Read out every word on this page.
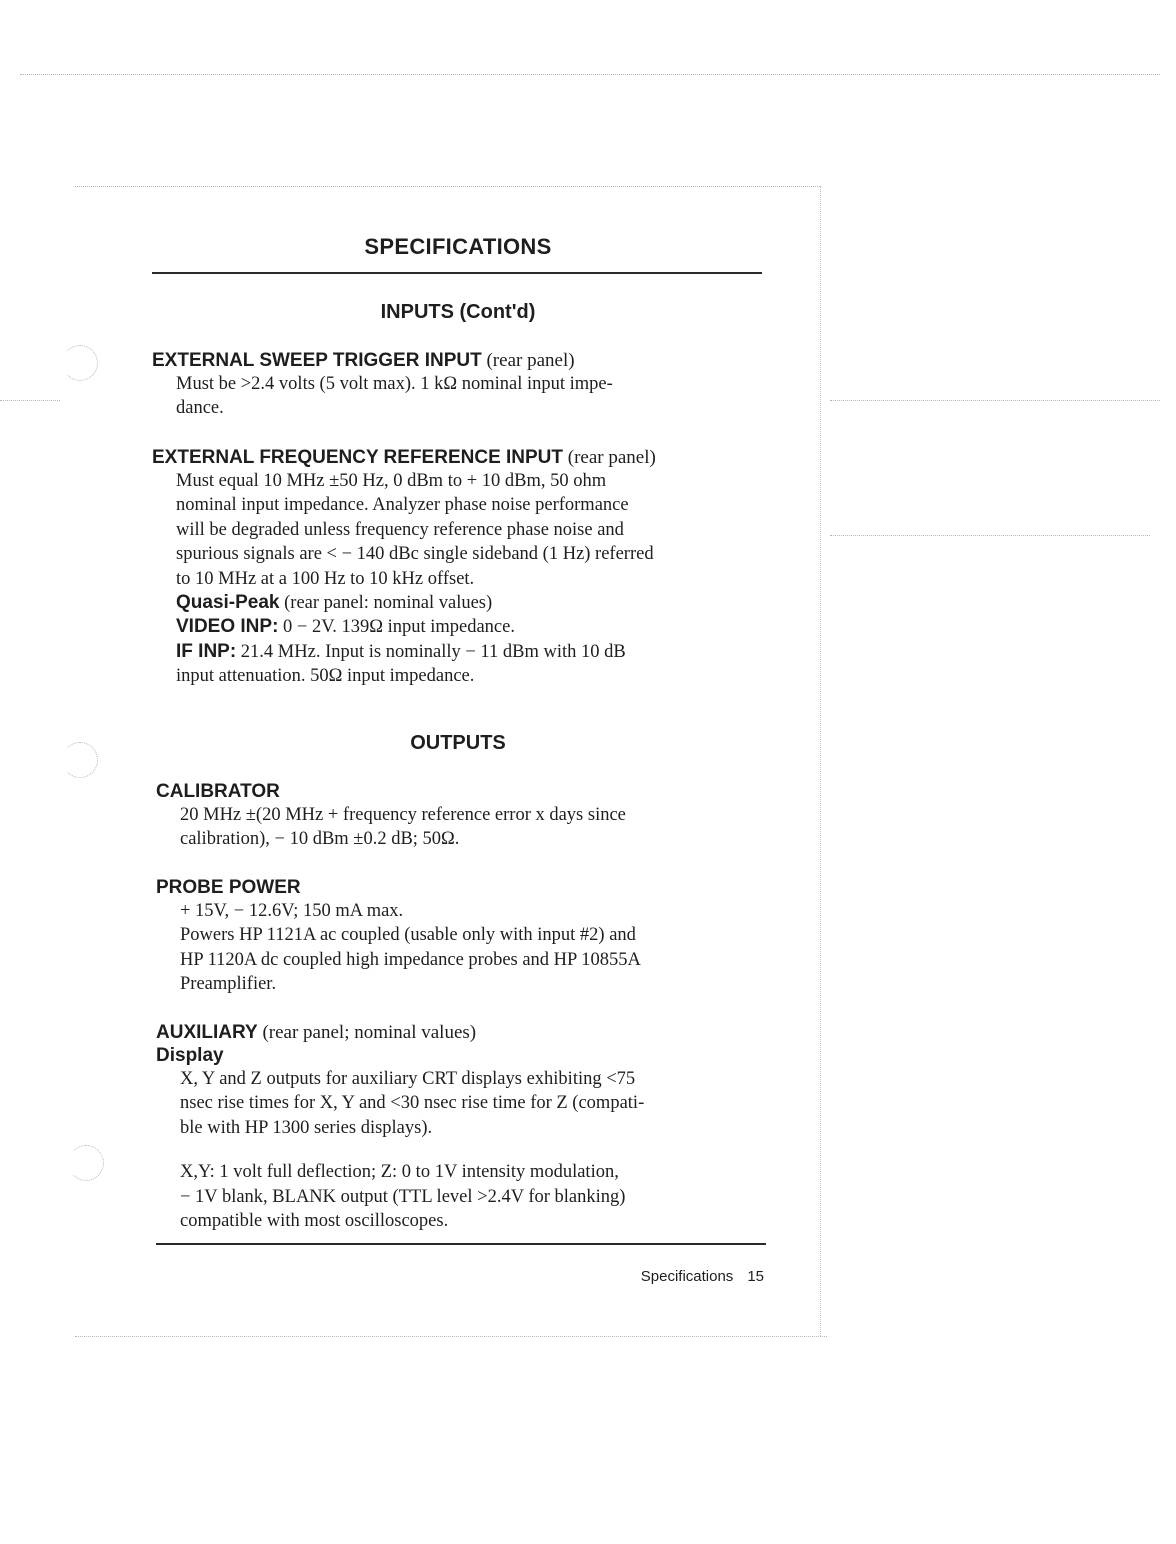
SPECIFICATIONS
INPUTS (Cont'd)
EXTERNAL SWEEP TRIGGER INPUT (rear panel)

Must be >2.4 volts (5 volt max). 1 kΩ nominal input impe-

dance.

EXTERNAL FREQUENCY REFERENCE INPUT (rear panel)

Must equal 10 MHz ±50 Hz, 0 dBm to + 10 dBm, 50 ohm

nominal input impedance. Analyzer phase noise performance

will be degraded unless frequency reference phase noise and

spurious signals are < − 140 dBc single sideband (1 Hz) referred

to 10 MHz at a 100 Hz to 10 kHz offset.

Quasi-Peak (rear panel: nominal values)

VIDEO INP: 0 − 2V. 139Ω input impedance.

IF INP: 21.4 MHz. Input is nominally − 11 dBm with 10 dB

input attenuation. 50Ω input impedance.

OUTPUTS
CALIBRATOR

20 MHz ±(20 MHz + frequency reference error x days since

calibration), − 10 dBm ±0.2 dB; 50Ω.

PROBE POWER

+ 15V, − 12.6V; 150 mA max.

Powers HP 1121A ac coupled (usable only with input #2) and

HP 1120A dc coupled high impedance probes and HP 10855A

Preamplifier.

AUXILIARY (rear panel; nominal values)
Display

X, Y and Z outputs for auxiliary CRT displays exhibiting <75

nsec rise times for X, Y and <30 nsec rise time for Z (compati-

ble with HP 1300 series displays).

X,Y: 1 volt full deflection; Z: 0 to 1V intensity modulation,

− 1V blank, BLANK output (TTL level >2.4V for blanking)

compatible with most oscilloscopes.

Specifications 15
